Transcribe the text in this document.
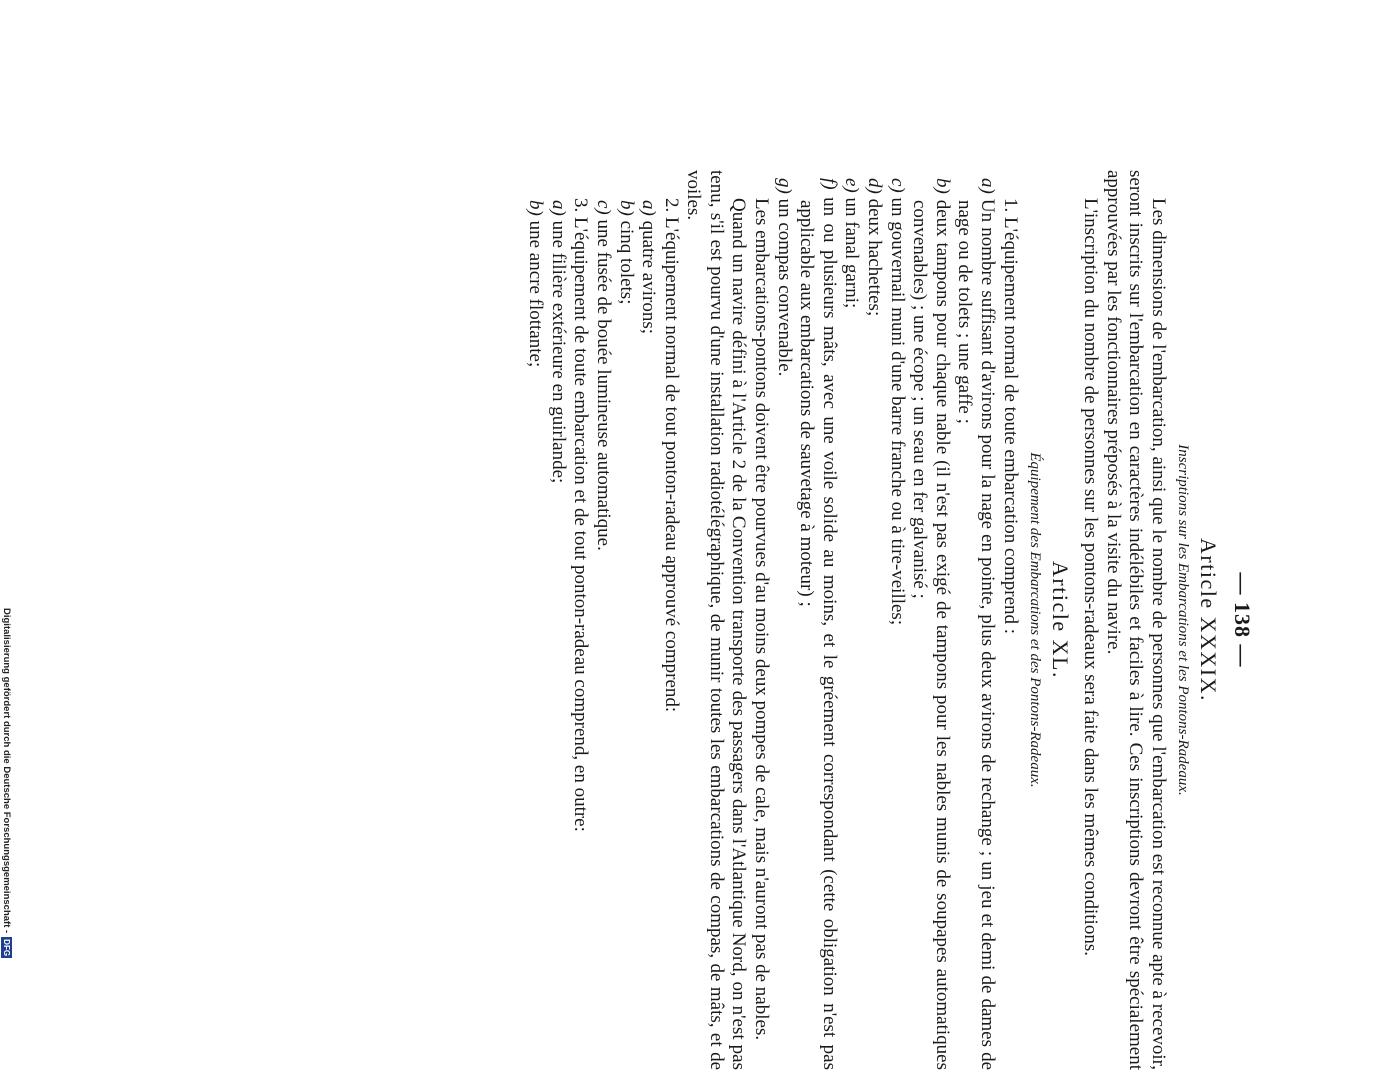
— 138 —
Article XXXIX.
Inscriptions sur les Embarcations et les Pontons-Radeaux.

Les dimensions de l'embarcation, ainsi que le nombre de personnes que l'embarcation est reconnue apte à recevoir, seront inscrits sur l'embarcation en caractères indélébiles et faciles à lire. Ces inscriptions devront être spécialement approuvées par les fonctionnaires préposés à la visite du navire.

L'inscription du nombre de personnes sur les pontons-radeaux sera faite dans les mêmes conditions.

Article XL.
Équipement des Embarcations et des Pontons-Radeaux.

1. L'équipement normal de toute embarcation comprend :

a) Un nombre suffisant d'avirons pour la nage en pointe, plus deux avirons de rechange ; un jeu et demi de dames de nage ou de tolets ; une gaffe ;

b) deux tampons pour chaque nable (il n'est pas exigé de tampons pour les nables munis de soupapes automatiques convenables) ; une écope ; un seau en fer galvanisé ;

c) un gouvernail muni d'une barre franche ou à tire-veilles;

d) deux hachettes;

e) un fanal garni;

f) un ou plusieurs mâts, avec une voile solide au moins, et le gréement correspondant (cette obligation n'est pas applicable aux embarcations de sauvetage à moteur) ;

g) un compas convenable.

Les embarcations-pontons doivent être pourvues d'au moins deux pompes de cale, mais n'auront pas de nables.

Quand un navire défini à l'Article 2 de la Convention transporte des passagers dans l'Atlantique Nord, on n'est pas tenu, s'il est pourvu d'une installation radiotélégraphique, de munir toutes les embarcations de compas, de mâts, et de voiles.

2. L'équipement normal de tout ponton-radeau approuvé comprend:

a) quatre avirons;

b) cinq tolets;

c) une fusée de bouée lumineuse automatique.

3. L'équipement de toute embarcation et de tout ponton-radeau comprend, en outre:

a) une filière extérieure en guirlande;

b) une ancre flottante;

Digitalisierung gefördert durch die Deutsche Forschungsgemeinschaft -DFG
